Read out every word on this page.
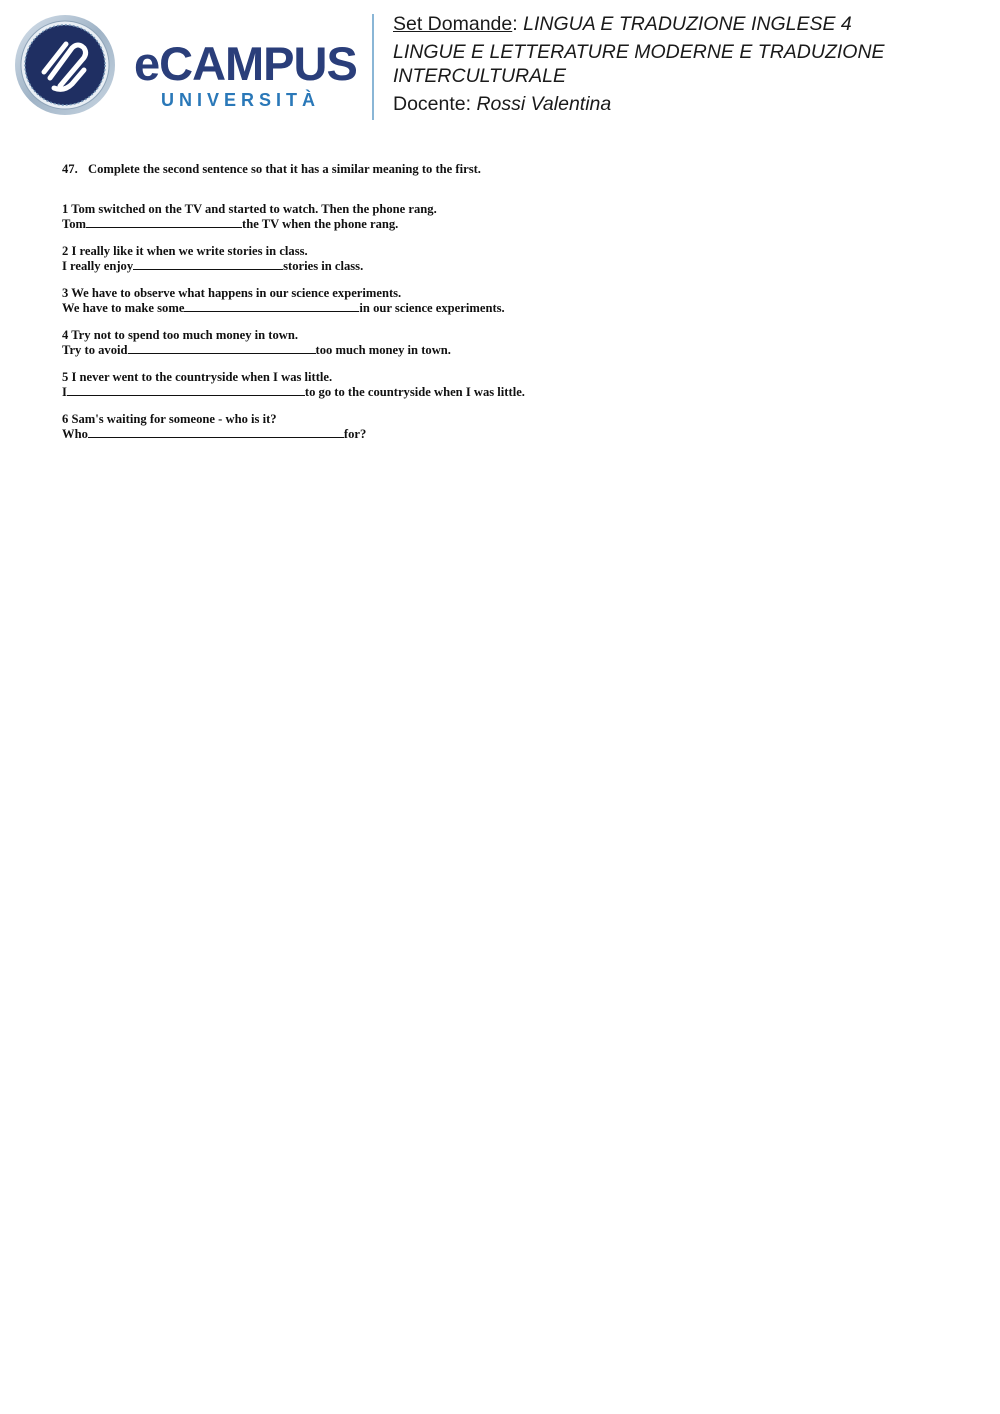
eCAMPUS
UNIVERSITÀ
Set Domande: LINGUA E TRADUZIONE INGLESE 4
LINGUE E LETTERATURE MODERNE E TRADUZIONE INTERCULTURALE
Docente: Rossi Valentina
47. Complete the second sentence so that it has a similar meaning to the first.

1 Tom switched on the TV and started to watch. Then the phone rang.

Tom	the TV when the phone rang.

2 I really like it when we write stories in class.

I really enjoy	stories in class.

3 We have to observe what happens in our science experiments.

We have to make some	in our science experiments.

4 Try not to spend too much money in town.

Try to avoid	too much money in town.

5 I never went to the countryside when I was little.

I	to go to the countryside when I was little.

6 Sam's waiting for someone - who is it?

Who	for?
